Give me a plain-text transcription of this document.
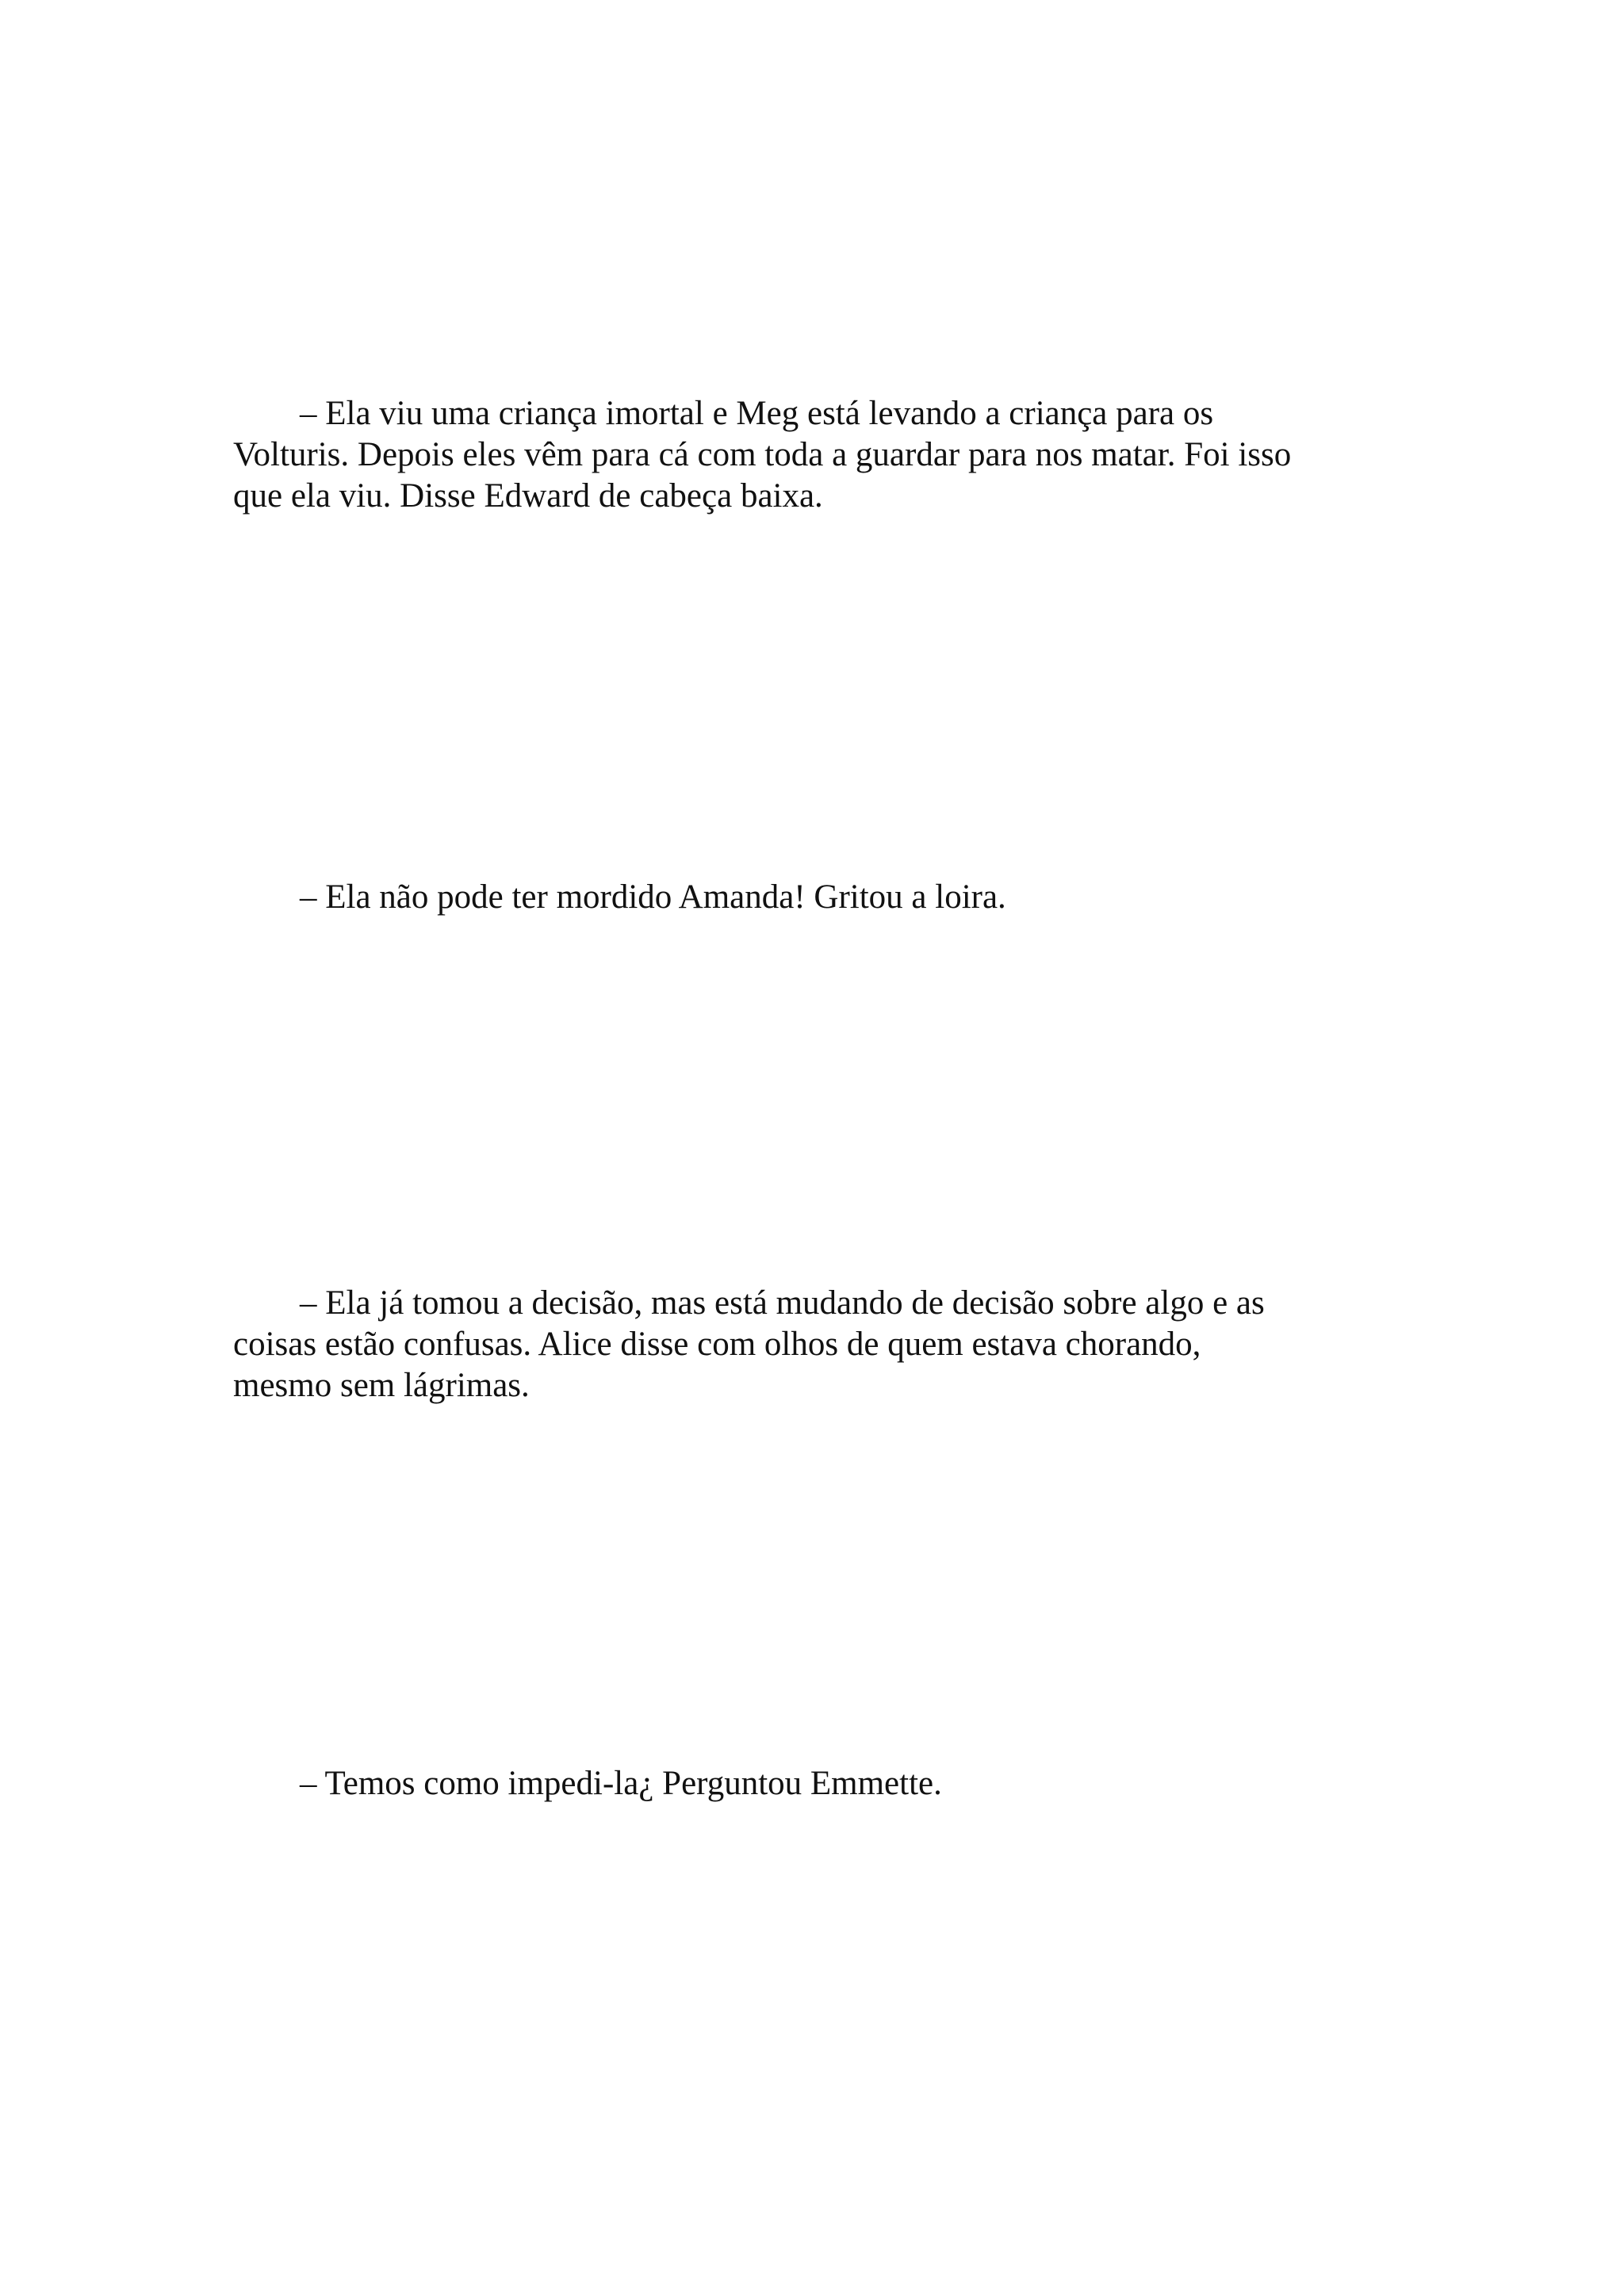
– Ela viu uma criança imortal e Meg está levando a criança para os
Volturis. Depois eles vêm para cá com toda a guardar para nos matar. Foi isso
que ela viu. Disse Edward de cabeça baixa.

– Ela não pode ter mordido Amanda! Gritou a loira.

– Ela já tomou a decisão, mas está mudando de decisão sobre algo e as
coisas estão confusas. Alice disse com olhos de quem estava chorando,
mesmo sem lágrimas.

– Temos como impedi-la¿ Perguntou Emmette.
